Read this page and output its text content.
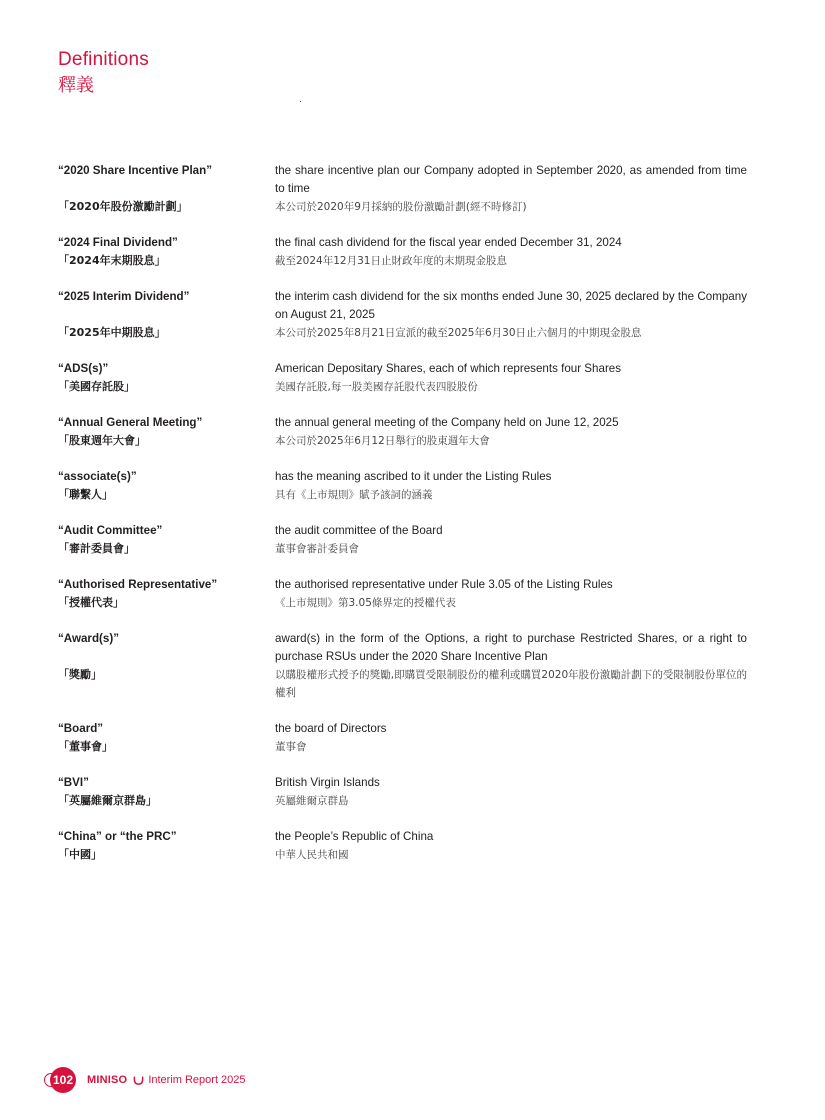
Definitions
釋義
“2020 Share Incentive Plan”	the share incentive plan our Company adopted in September 2020, as amended from time to time
「2020年股份激勵計劃」	本公司於2020年9月採納的股份激勵計劃(經不時修訂)
“2024 Final Dividend”	the final cash dividend for the fiscal year ended December 31, 2024
「2024年末期股息」	截至2024年12月31日止財政年度的末期現金股息
“2025 Interim Dividend”	the interim cash dividend for the six months ended June 30, 2025 declared by the Company on August 21, 2025
「2025年中期股息」	本公司於2025年8月21日宣派的截至2025年6月30日止六個月的中期現金股息
“ADS(s)”	American Depositary Shares, each of which represents four Shares
「美國存託股」	美國存託股,每一股美國存託股代表四股股份
“Annual General Meeting”	the annual general meeting of the Company held on June 12, 2025
「股東週年大會」	本公司於2025年6月12日舉行的股東週年大會
“associate(s)”	has the meaning ascribed to it under the Listing Rules
「聯繫人」	具有《上市規則》賦予該詞的涵義
“Audit Committee”	the audit committee of the Board
「審計委員會」	董事會審計委員會
“Authorised Representative”	the authorised representative under Rule 3.05 of the Listing Rules
「授權代表」	《上市規則》第3.05條界定的授權代表
“Award(s)”	award(s) in the form of the Options, a right to purchase Restricted Shares, or a right to purchase RSUs under the 2020 Share Incentive Plan
「獎勵」	以購股權形式授予的獎勵,即購買受限制股份的權利或購買2020年股份激勵計劃下的受限制股份單位的權利
“Board”	the board of Directors
「董事會」	董事會
“BVI”	British Virgin Islands
「英屬維爾京群島」	英屬維爾京群島
“China” or “the PRC”	the People’s Republic of China
「中國」	中華人民共和國
102 MINISO Interim Report 2025
